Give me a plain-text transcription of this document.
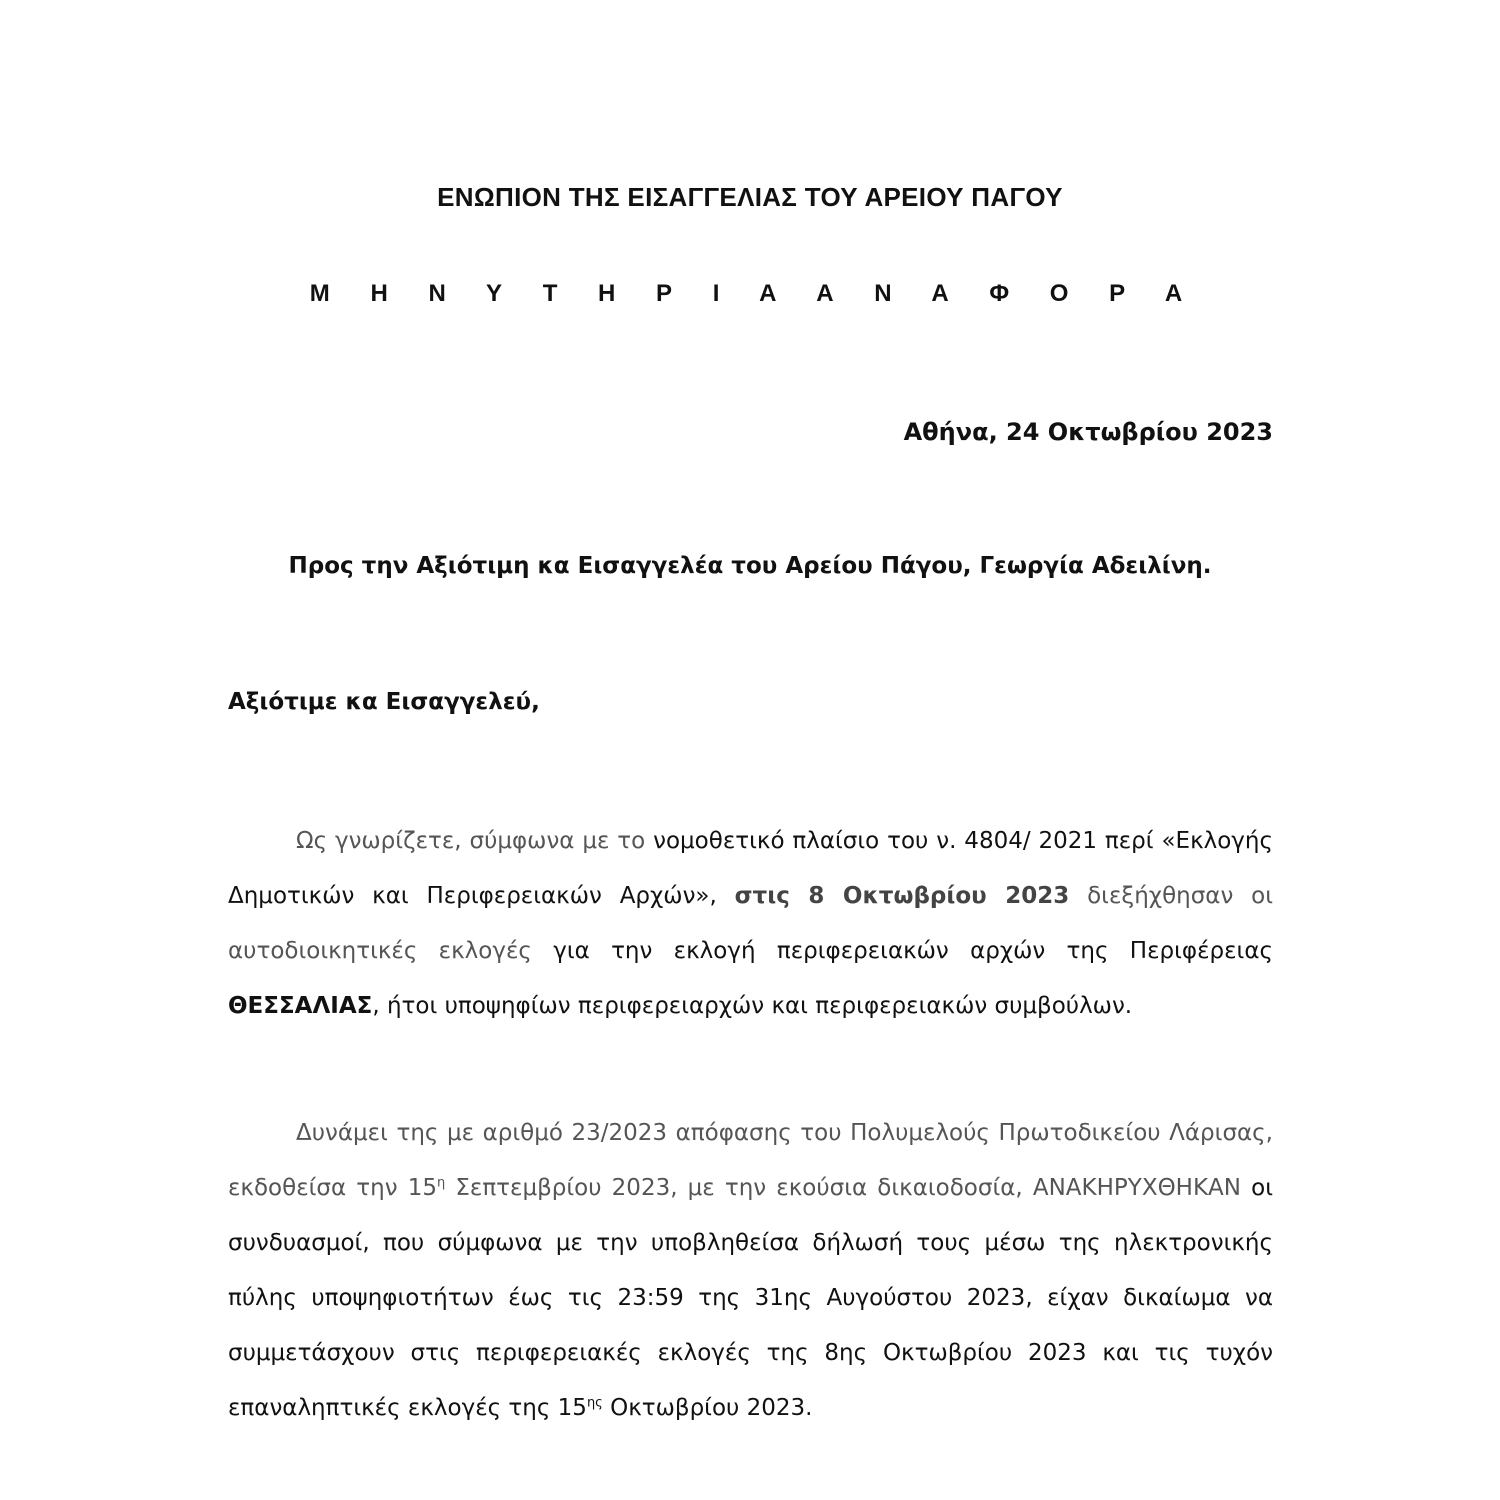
ΕΝΩΠΙΟΝ ΤΗΣ ΕΙΣΑΓΓΕΛΙΑΣ ΤΟΥ ΑΡΕΙΟΥ ΠΑΓΟΥ
Μ Η Ν Υ Τ Η Ρ Ι Α Α Ν Α Φ Ο Ρ Α

Αθήνα, 24 Οκτωβρίου 2023

Προς την Αξιότιμη κα Εισαγγελέα του Αρείου Πάγου, Γεωργία Αδειλίνη.

Αξιότιμε κα Εισαγγελεύ,

Ως γνωρίζετε, σύμφωνα με το νομοθετικό πλαίσιο του ν. 4804/ 2021 περί «Εκλογής Δημοτικών και Περιφερειακών Αρχών», στις 8 Οκτωβρίου 2023 διεξήχθησαν οι αυτοδιοικητικές εκλογές για την εκλογή περιφερειακών αρχών της Περιφέρειας ΘΕΣΣΑΛΙΑΣ, ήτοι υποψηφίων περιφερειαρχών και περιφερειακών συμβούλων.

Δυνάμει της με αριθμό 23/2023 απόφασης του Πολυμελούς Πρωτοδικείου Λάρισας, εκδοθείσα την $15^\eta$ Σεπτεμβρίου 2023, με την εκούσια δικαιοδοσία, ΑΝΑΚΗΡΥΧΘΗΚΑΝ οι συνδυασμοί, που σύμφωνα με την υποβληθείσα δήλωσή τους μέσω της ηλεκτρονικής πύλης υποψηφιοτήτων έως τις 23:59 της 31ης Αυγούστου 2023, είχαν δικαίωμα να συμμετάσχουν στις περιφερειακές εκλογές της 8ης Οκτωβρίου 2023 και τις τυχόν επαναληπτικές εκλογές της $15^{\eta\varsigma}$ Οκτωβρίου 2023.
